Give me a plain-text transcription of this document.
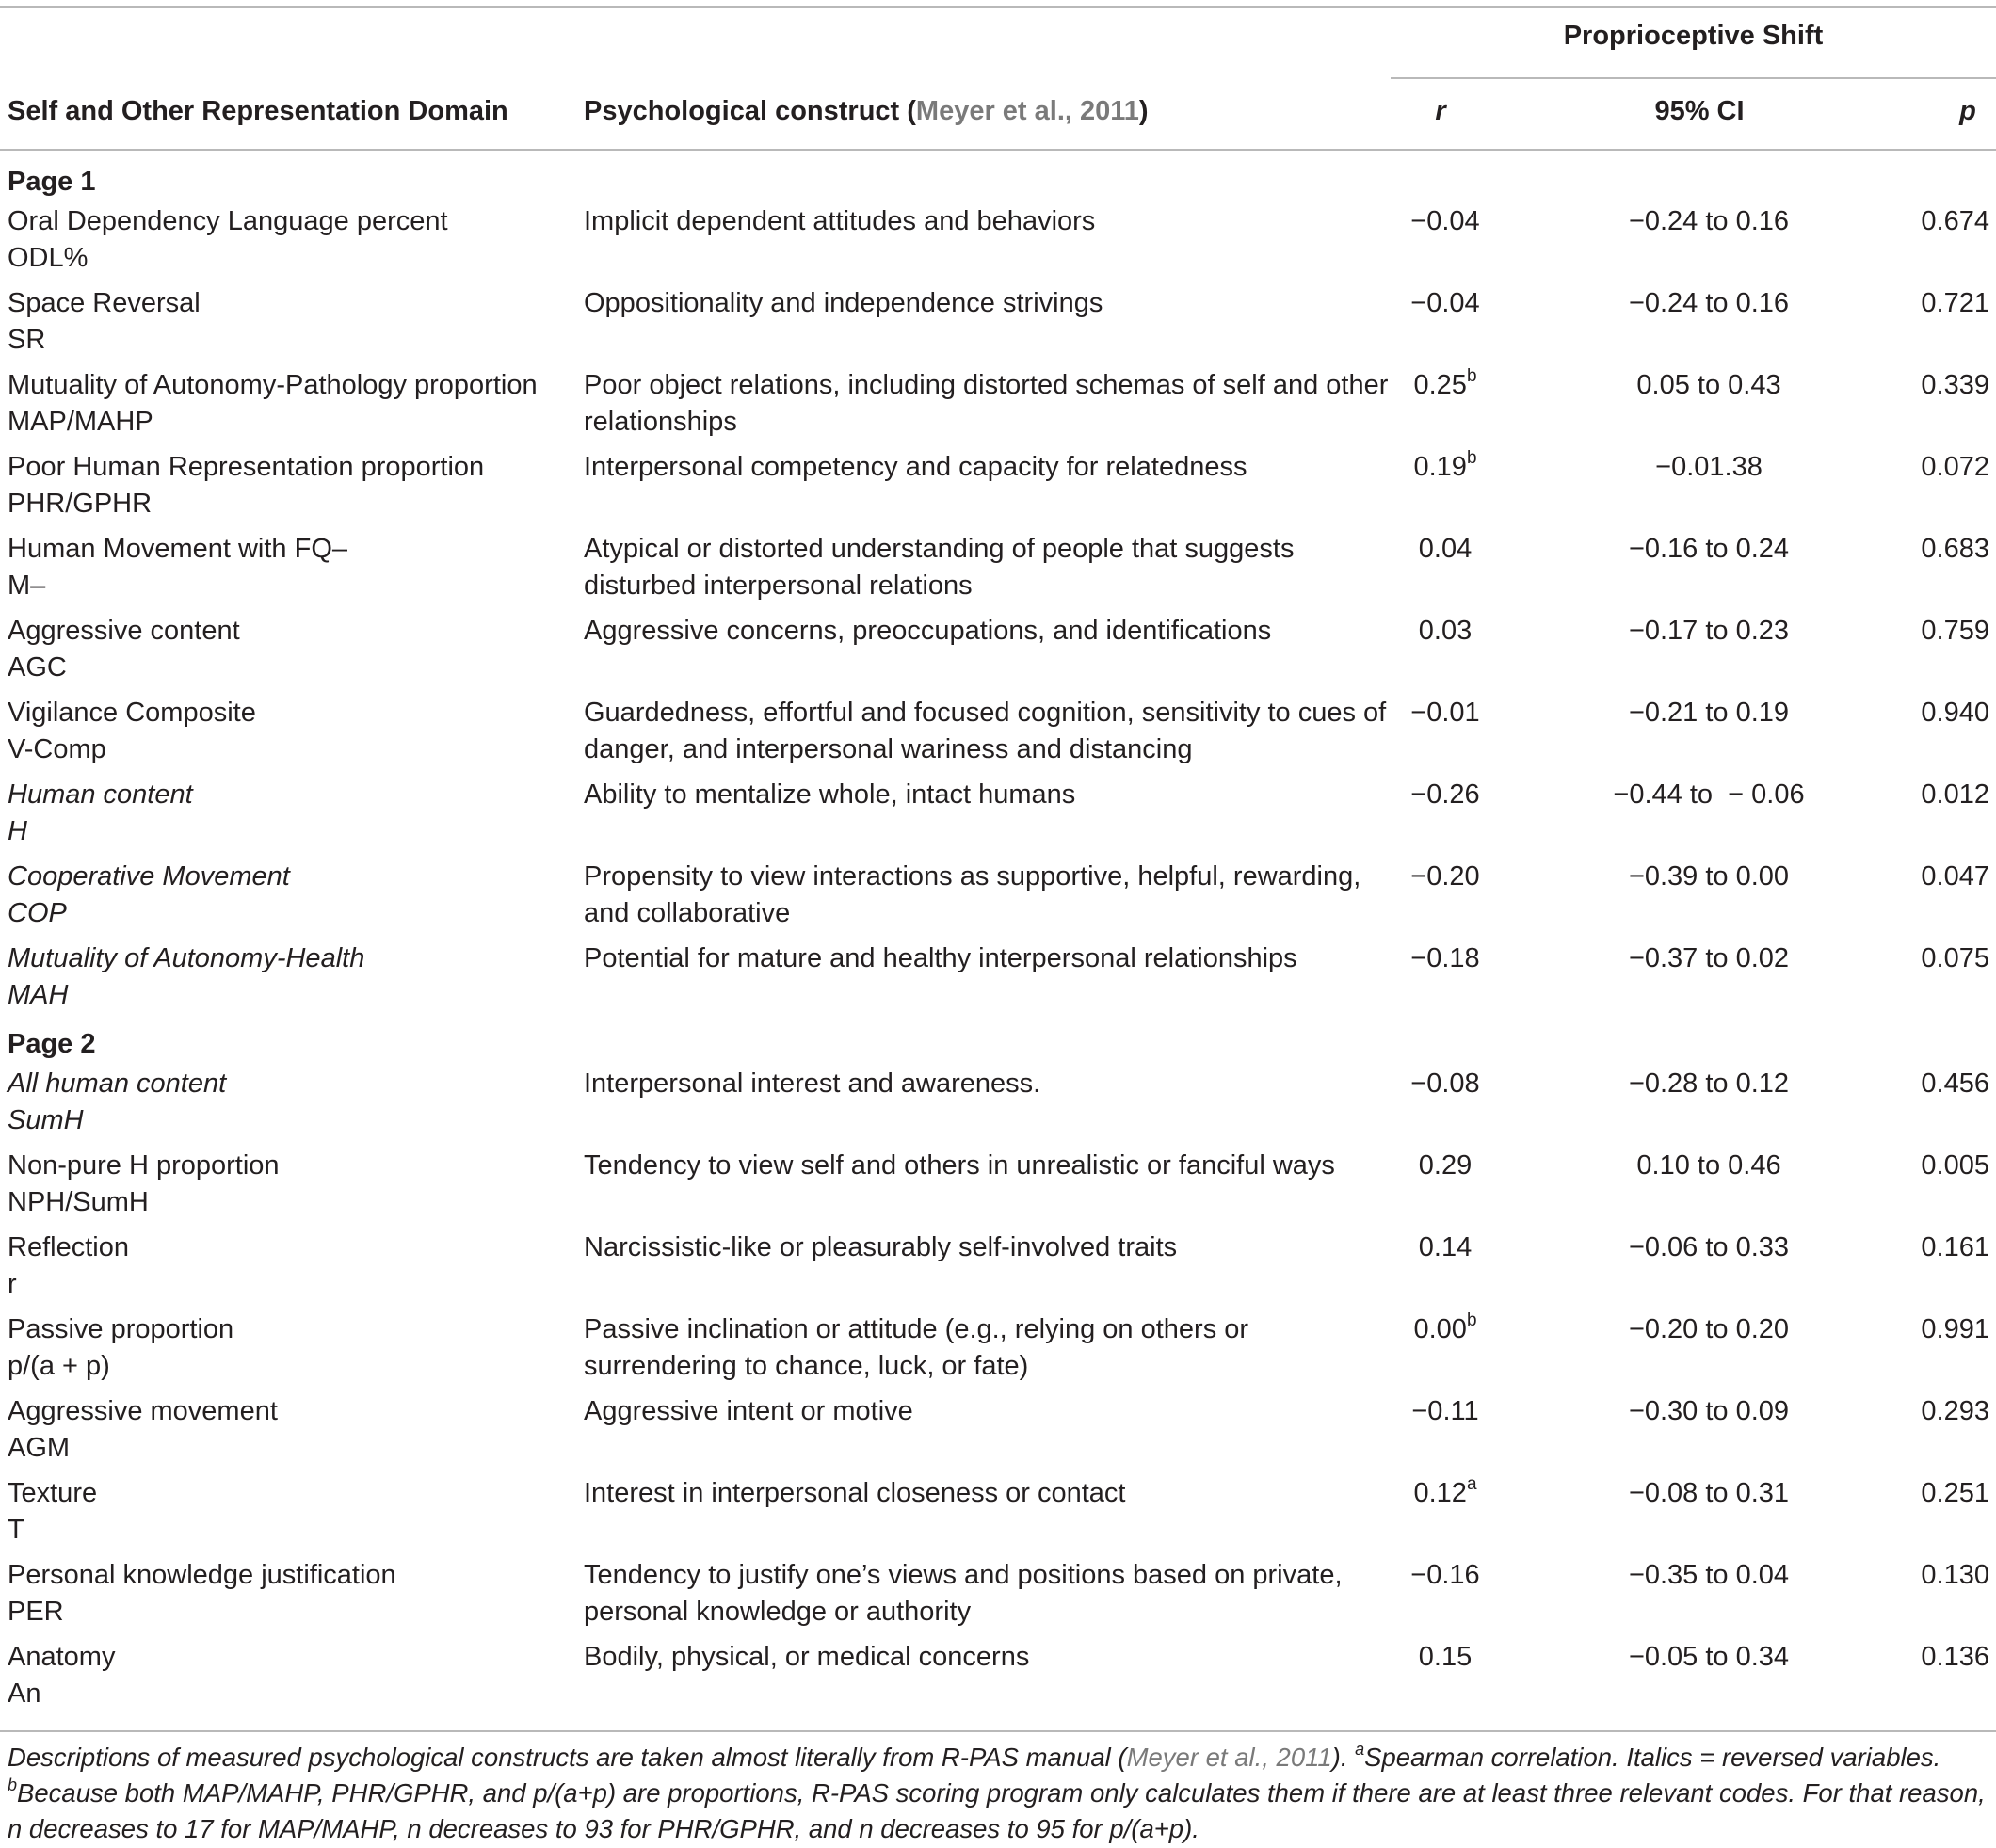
Proprioceptive Shift
Self and Other Representation Domain	Psychological construct (Meyer et al., 2011)	r	95% CI	p
Page 1
Oral Dependency Language percent
ODL%
Implicit dependent attitudes and behaviors	−0.04	−0.24 to 0.16	0.674
Space Reversal
SR
Oppositionality and independence strivings	−0.04	−0.24 to 0.16	0.721
Mutuality of Autonomy-Pathology proportion
MAP/MAHP
Poor object relations, including distorted schemas of self and other relationships
0.25$^b$	0.05 to 0.43	0.339
Poor Human Representation proportion
PHR/GPHR
Interpersonal competency and capacity for relatedness	0.19$^b$	−0.01.38	0.072
Human Movement with FQ–
M–
Atypical or distorted understanding of people that suggests disturbed interpersonal relations
0.04	−0.16 to 0.24	0.683
Aggressive content
AGC
Aggressive concerns, preoccupations, and identifications	0.03	−0.17 to 0.23	0.759
Vigilance Composite
V-Comp
Guardedness, effortful and focused cognition, sensitivity to cues of danger, and interpersonal wariness and distancing
−0.01	−0.21 to 0.19	0.940
Human content
H
Ability to mentalize whole, intact humans	−0.26	−0.44 to  − 0.06	0.012
Cooperative Movement
COP
Propensity to view interactions as supportive, helpful, rewarding, and collaborative
−0.20	−0.39 to 0.00	0.047
Mutuality of Autonomy-Health
MAH
Potential for mature and healthy interpersonal relationships	−0.18	−0.37 to 0.02	0.075
Page 2
All human content
SumH
Interpersonal interest and awareness.	−0.08	−0.28 to 0.12	0.456
Non-pure H proportion
NPH/SumH
Tendency to view self and others in unrealistic or fanciful ways	0.29	0.10 to 0.46	0.005
Reflection
r
Narcissistic-like or pleasurably self-involved traits	0.14	−0.06 to 0.33	0.161
Passive proportion
p/(a + p)
Passive inclination or attitude (e.g., relying on others or surrendering to chance, luck, or fate)
0.00$^b$	−0.20 to 0.20	0.991
Aggressive movement
AGM
Aggressive intent or motive	−0.11	−0.30 to 0.09	0.293
Texture
T
Interest in interpersonal closeness or contact	0.12$^a$	−0.08 to 0.31	0.251
Personal knowledge justification
PER
Tendency to justify one’s views and positions based on private, personal knowledge or authority
−0.16	−0.35 to 0.04	0.130
Anatomy
An
Bodily, physical, or medical concerns	0.15	−0.05 to 0.34	0.136
Descriptions of measured psychological constructs are taken almost literally from R-PAS manual (Meyer et al., 2011). $^a$Spearman correlation. Italics = reversed variables. $^b$Because both MAP/MAHP, PHR/GPHR, and p/(a+p) are proportions, R-PAS scoring program only calculates them if there are at least three relevant codes. For that reason, n decreases to 17 for MAP/MAHP, n decreases to 93 for PHR/GPHR, and n decreases to 95 for p/(a+p).
